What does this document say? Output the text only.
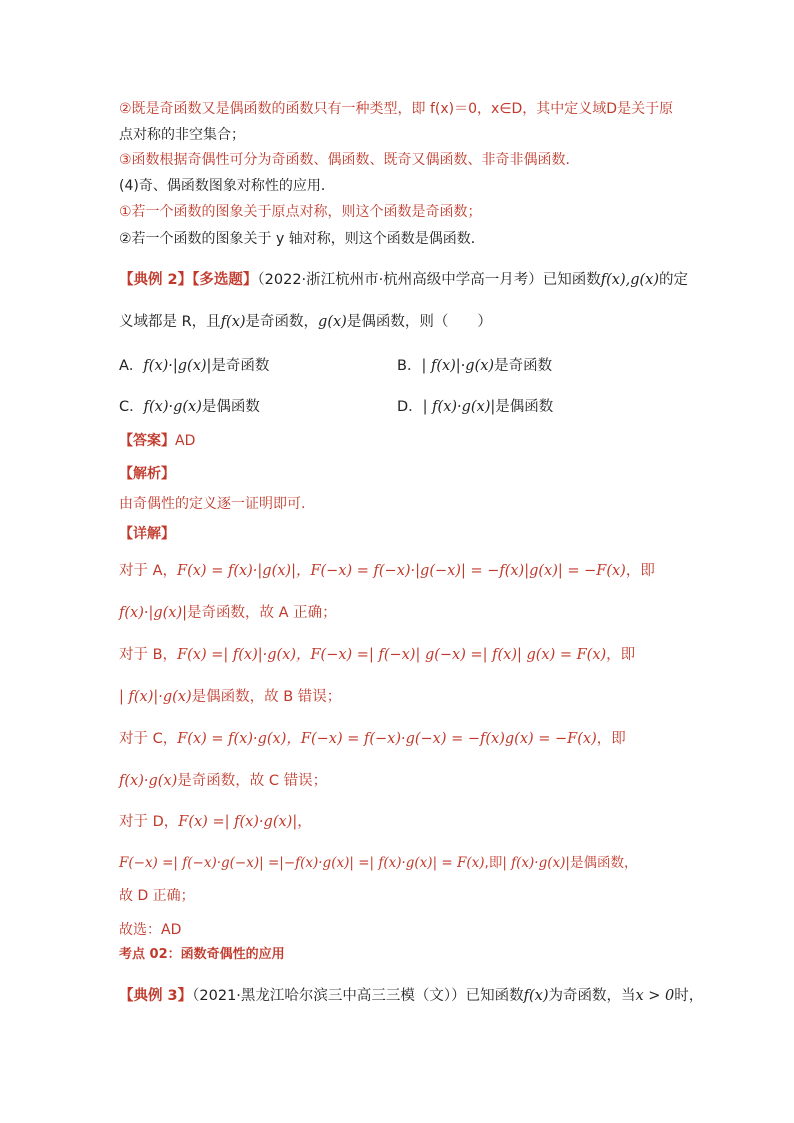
②既是奇函数又是偶函数的函数只有一种类型，即 f(x)＝0，x∈D，其中定义域D是关于原
点对称的非空集合；
③函数根据奇偶性可分为奇函数、偶函数、既奇又偶函数、非奇非偶函数．
(4)奇、偶函数图象对称性的应用．
①若一个函数的图象关于原点对称，则这个函数是奇函数；
②若一个函数的图象关于 y 轴对称，则这个函数是偶函数．
【典例 2】【多选题】（2022·浙江杭州市·杭州高级中学高一月考）已知函数f(x),g(x)的定
义域都是 R，且f(x)是奇函数，g(x)是偶函数，则（　　）
A．f(x)·|g(x)|是奇函数	B．| f(x)|·g(x)是奇函数
C．f(x)·g(x)是偶函数	D．| f(x)·g(x)|是偶函数
【答案】AD
【解析】
由奇偶性的定义逐一证明即可.
【详解】
对于 A，F(x) = f(x)·|g(x)|，F(−x) = f(−x)·|g(−x)| = −f(x)|g(x)| = −F(x)，即
f(x)·|g(x)|是奇函数，故 A 正确；
对于 B，F(x) =| f(x)|·g(x)，F(−x) =| f(−x)| g(−x) =| f(x)| g(x) = F(x)，即
| f(x)|·g(x)是偶函数，故 B 错误；
对于 C，F(x) = f(x)·g(x)，F(−x) = f(−x)·g(−x) = −f(x)g(x) = −F(x)，即
f(x)·g(x)是奇函数，故 C 错误；
对于 D，F(x) =| f(x)·g(x)|，
F(−x) =| f(−x)·g(−x)| =|−f(x)·g(x)| =| f(x)·g(x)| = F(x),即| f(x)·g(x)|是偶函数，
故 D 正确；
故选：AD
考点 02：函数奇偶性的应用
【典例 3】（2021·黑龙江哈尔滨三中高三三模（文））已知函数f(x)为奇函数，当x > 0时，
